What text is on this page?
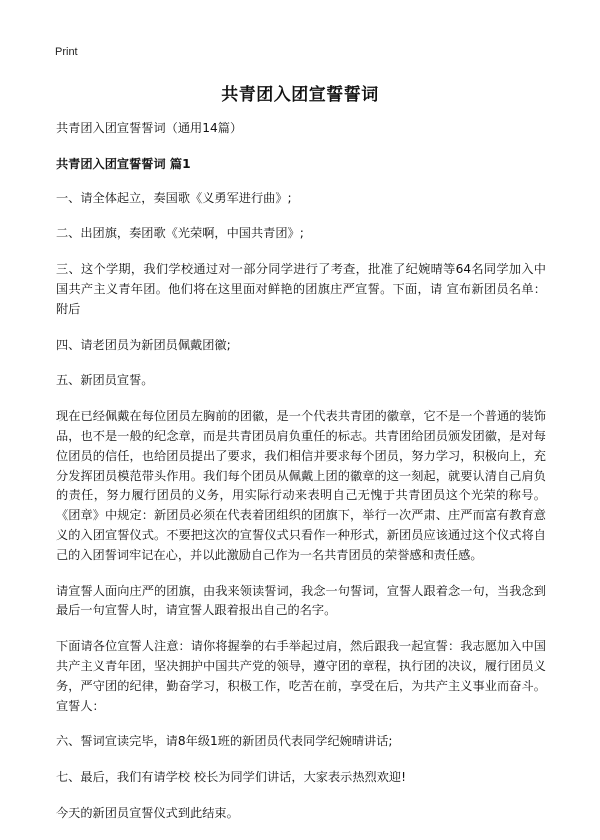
Print
共青团入团宣誓誓词

共青团入团宣誓誓词（通用14篇）

共青团入团宣誓誓词 篇1

一、请全体起立，奏国歌《义勇军进行曲》;

二、出团旗，奏团歌《光荣啊，中国共青团》;

三、这个学期，我们学校通过对一部分同学进行了考查，批准了纪婉晴等64名同学加入中国共产主义青年团。他们将在这里面对鲜艳的团旗庄严宣誓。下面，请 宣布新团员名单：附后

四、请老团员为新团员佩戴团徽;

五、新团员宣誓。

现在已经佩戴在每位团员左胸前的团徽，是一个代表共青团的徽章，它不是一个普通的装饰品，也不是一般的纪念章，而是共青团员肩负重任的标志。共青团给团员颁发团徽，是对每位团员的信任，也给团员提出了要求，我们相信并要求每个团员，努力学习，积极向上，充分发挥团员模范带头作用。我们每个团员从佩戴上团的徽章的这一刻起，就要认清自己肩负的责任，努力履行团员的义务，用实际行动来表明自己无愧于共青团员这个光荣的称号。《团章》中规定：新团员必须在代表着团组织的团旗下，举行一次严肃、庄严而富有教育意义的入团宣誓仪式。不要把这次的宣誓仪式只看作一种形式，新团员应该通过这个仪式将自己的入团誓词牢记在心，并以此激励自己作为一名共青团员的荣誉感和责任感。

请宣誓人面向庄严的团旗，由我来领读誓词，我念一句誓词，宣誓人跟着念一句，当我念到最后一句宣誓人时，请宣誓人跟着报出自己的名字。

下面请各位宣誓人注意：请你将握拳的右手举起过肩，然后跟我一起宣誓：我志愿加入中国共产主义青年团，坚决拥护中国共产党的领导，遵守团的章程，执行团的决议，履行团员义务，严守团的纪律，勤奋学习，积极工作，吃苦在前，享受在后，为共产主义事业而奋斗。宣誓人：

六、誓词宣读完毕，请8年级1班的新团员代表同学纪婉晴讲话;

七、最后，我们有请学校 校长为同学们讲话，大家表示热烈欢迎!

今天的新团员宣誓仪式到此结束。
